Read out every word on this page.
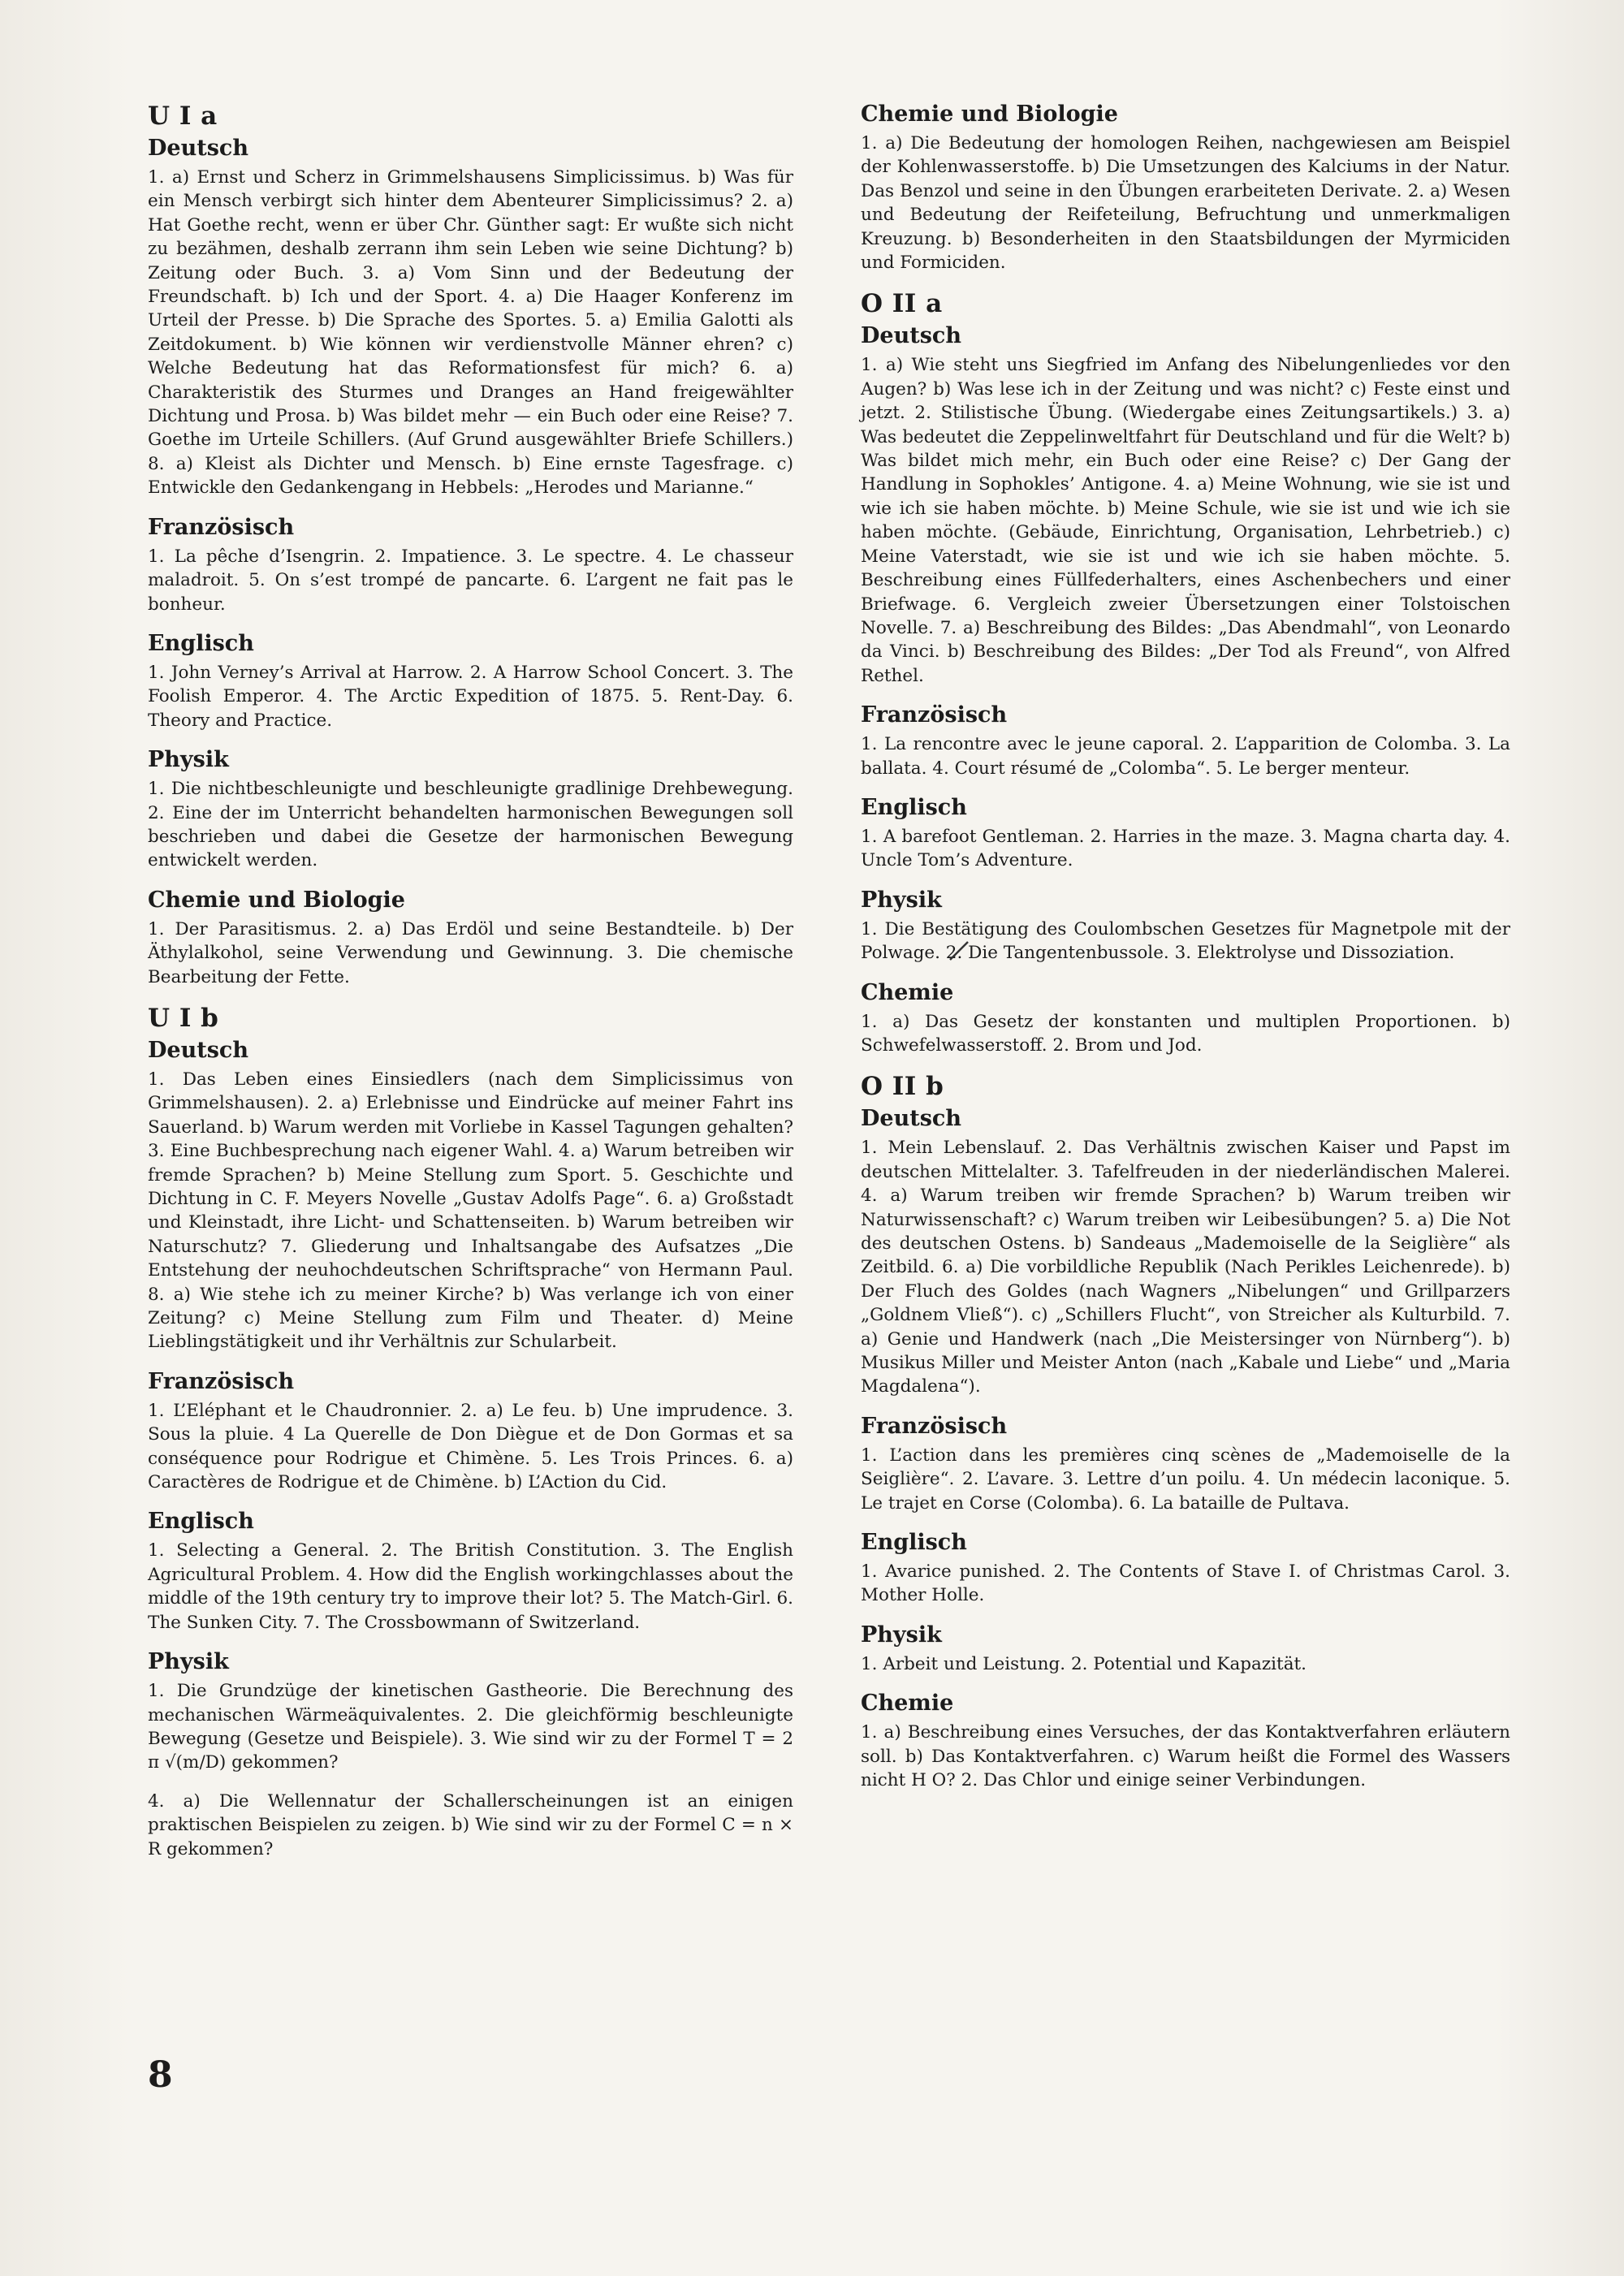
U I a
Deutsch

1. a) Ernst und Scherz in Grimmelshausens Simplicissimus. b) Was für ein Mensch verbirgt sich hinter dem Abenteurer Simplicissimus? 2. a) Hat Goethe recht, wenn er über Chr. Günther sagt: Er wußte sich nicht zu bezähmen, deshalb zerrann ihm sein Leben wie seine Dichtung? b) Zeitung oder Buch. 3. a) Vom Sinn und der Bedeutung der Freundschaft. b) Ich und der Sport. 4. a) Die Haager Konferenz im Urteil der Presse. b) Die Sprache des Sportes. 5. a) Emilia Galotti als Zeitdokument. b) Wie können wir verdienstvolle Männer ehren? c) Welche Bedeutung hat das Reformationsfest für mich? 6. a) Charakteristik des Sturmes und Dranges an Hand freigewählter Dichtung und Prosa. b) Was bildet mehr — ein Buch oder eine Reise? 7. Goethe im Urteile Schillers. (Auf Grund ausgewählter Briefe Schillers.) 8. a) Kleist als Dichter und Mensch. b) Eine ernste Tagesfrage. c) Entwickle den Gedankengang in Hebbels: „Herodes und Marianne.“

Französisch

1. La pêche d’Isengrin. 2. Impatience. 3. Le spectre. 4. Le chasseur maladroit. 5. On s’est trompé de pancarte. 6. L’argent ne fait pas le bonheur.

Englisch

1. John Verney’s Arrival at Harrow. 2. A Harrow School Concert. 3. The Foolish Emperor. 4. The Arctic Expedition of 1875. 5. Rent-Day. 6. Theory and Practice.

Physik

1. Die nichtbeschleunigte und beschleunigte gradlinige Drehbewegung. 2. Eine der im Unterricht behandelten harmonischen Bewegungen soll beschrieben und dabei die Gesetze der harmonischen Bewegung entwickelt werden.

Chemie und Biologie

1. Der Parasitismus. 2. a) Das Erdöl und seine Bestandteile. b) Der Äthylalkohol, seine Verwendung und Gewinnung. 3. Die chemische Bearbeitung der Fette.

U I b
Deutsch

1. Das Leben eines Einsiedlers (nach dem Simplicissimus von Grimmelshausen). 2. a) Erlebnisse und Eindrücke auf meiner Fahrt ins Sauerland. b) Warum werden mit Vorliebe in Kassel Tagungen gehalten? 3. Eine Buchbesprechung nach eigener Wahl. 4. a) Warum betreiben wir fremde Sprachen? b) Meine Stellung zum Sport. 5. Geschichte und Dichtung in C. F. Meyers Novelle „Gustav Adolfs Page“. 6. a) Großstadt und Kleinstadt, ihre Licht- und Schattenseiten. b) Warum betreiben wir Naturschutz? 7. Gliederung und Inhaltsangabe des Aufsatzes „Die Entstehung der neuhochdeutschen Schriftsprache“ von Hermann Paul. 8. a) Wie stehe ich zu meiner Kirche? b) Was verlange ich von einer Zeitung? c) Meine Stellung zum Film und Theater. d) Meine Lieblingstätigkeit und ihr Verhältnis zur Schularbeit.

Französisch

1. L’Eléphant et le Chaudronnier. 2. a) Le feu. b) Une imprudence. 3. Sous la pluie. 4 La Querelle de Don Diègue et de Don Gormas et sa conséquence pour Rodrigue et Chimène. 5. Les Trois Princes. 6. a) Caractères de Rodrigue et de Chimène. b) L’Action du Cid.

Englisch

1. Selecting a General. 2. The British Constitution. 3. The English Agricultural Problem. 4. How did the English workingchlasses about the middle of the 19th century try to improve their lot? 5. The Match-Girl. 6. The Sunken City. 7. The Crossbowmann of Switzerland.

Physik

1. Die Grundzüge der kinetischen Gastheorie. Die Berechnung des mechanischen Wärmeäquivalentes. 2. Die gleichförmig beschleunigte Bewegung (Gesetze und Beispiele). 3. Wie sind wir zu der Formel T = 2 π √(m/D) gekommen?

4. a) Die Wellennatur der Schallerscheinungen ist an einigen praktischen Beispielen zu zeigen. b) Wie sind wir zu der Formel C = n × R gekommen?

Chemie und Biologie

1. a) Die Bedeutung der homologen Reihen, nachgewiesen am Beispiel der Kohlenwasserstoffe. b) Die Umsetzungen des Kalciums in der Natur. Das Benzol und seine in den Übungen erarbeiteten Derivate. 2. a) Wesen und Bedeutung der Reifeteilung, Befruchtung und unmerkmaligen Kreuzung. b) Besonderheiten in den Staatsbildungen der Myrmiciden und Formiciden.

O II a
Deutsch

1. a) Wie steht uns Siegfried im Anfang des Nibelungenliedes vor den Augen? b) Was lese ich in der Zeitung und was nicht? c) Feste einst und jetzt. 2. Stilistische Übung. (Wiedergabe eines Zeitungsartikels.) 3. a) Was bedeutet die Zeppelinweltfahrt für Deutschland und für die Welt? b) Was bildet mich mehr, ein Buch oder eine Reise? c) Der Gang der Handlung in Sophokles’ Antigone. 4. a) Meine Wohnung, wie sie ist und wie ich sie haben möchte. b) Meine Schule, wie sie ist und wie ich sie haben möchte. (Gebäude, Einrichtung, Organisation, Lehrbetrieb.) c) Meine Vaterstadt, wie sie ist und wie ich sie haben möchte. 5. Beschreibung eines Füllfederhalters, eines Aschenbechers und einer Briefwage. 6. Vergleich zweier Übersetzungen einer Tolstoischen Novelle. 7. a) Beschreibung des Bildes: „Das Abendmahl“, von Leonardo da Vinci. b) Beschreibung des Bildes: „Der Tod als Freund“, von Alfred Rethel.

Französisch

1. La rencontre avec le jeune caporal. 2. L’apparition de Colomba. 3. La ballata. 4. Court résumé de „Colomba“. 5. Le berger menteur.

Englisch

1. A barefoot Gentleman. 2. Harries in the maze. 3. Magna charta day. 4. Uncle Tom’s Adventure.

Physik

1. Die Bestätigung des Coulombschen Gesetzes für Magnetpole mit der Polwage. 2. Die Tangentenbussole. 3. Elektrolyse und Dissoziation.

Chemie

1. a) Das Gesetz der konstanten und multiplen Proportionen. b) Schwefelwasserstoff. 2. Brom und Jod.

O II b
Deutsch

1. Mein Lebenslauf. 2. Das Verhältnis zwischen Kaiser und Papst im deutschen Mittelalter. 3. Tafelfreuden in der niederländischen Malerei. 4. a) Warum treiben wir fremde Sprachen? b) Warum treiben wir Naturwissenschaft? c) Warum treiben wir Leibesübungen? 5. a) Die Not des deutschen Ostens. b) Sandeaus „Mademoiselle de la Seiglière“ als Zeitbild. 6. a) Die vorbildliche Republik (Nach Perikles Leichenrede). b) Der Fluch des Goldes (nach Wagners „Nibelungen“ und Grillparzers „Goldnem Vließ“). c) „Schillers Flucht“, von Streicher als Kulturbild. 7. a) Genie und Handwerk (nach „Die Meistersinger von Nürnberg“). b) Musikus Miller und Meister Anton (nach „Kabale und Liebe“ und „Maria Magdalena“).

Französisch

1. L’action dans les premières cinq scènes de „Mademoiselle de la Seiglière“. 2. L’avare. 3. Lettre d’un poilu. 4. Un médecin laconique. 5. Le trajet en Corse (Colomba). 6. La bataille de Pultava.

Englisch

1. Avarice punished. 2. The Contents of Stave I. of Christmas Carol. 3. Mother Holle.

Physik

1. Arbeit und Leistung. 2. Potential und Kapazität.

Chemie

1. a) Beschreibung eines Versuches, der das Kontaktverfahren erläutern soll. b) Das Kontaktverfahren. c) Warum heißt die Formel des Wassers nicht H O? 2. Das Chlor und einige seiner Verbindungen.

8
